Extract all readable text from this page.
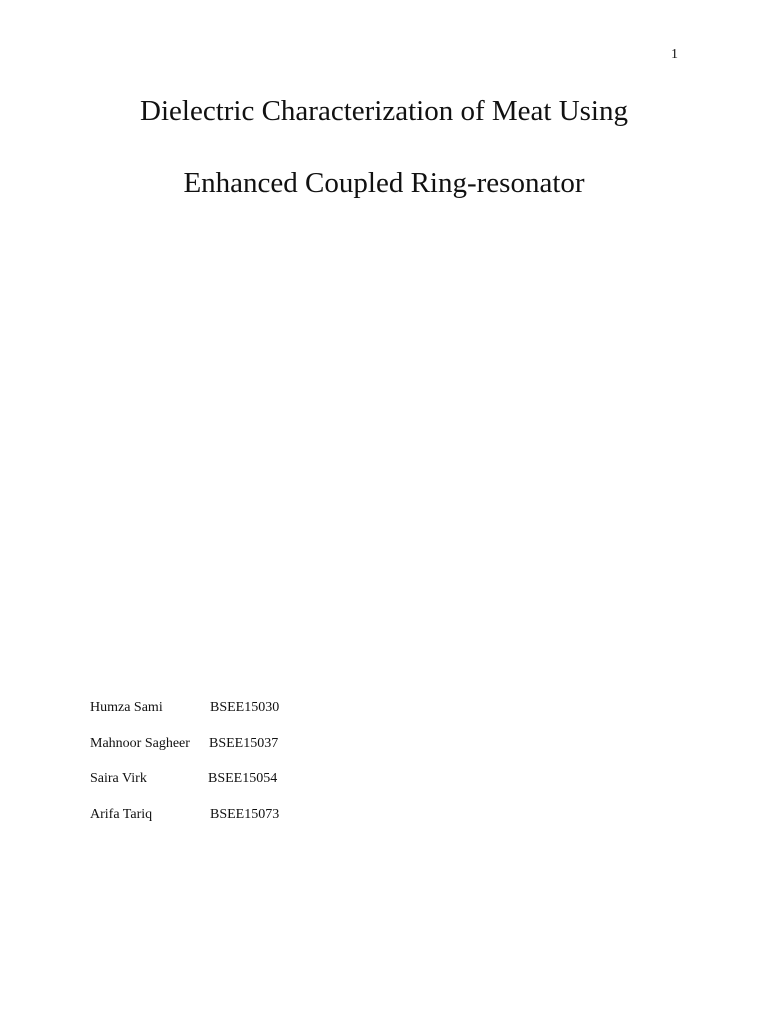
1
Dielectric Characterization of Meat Using
Enhanced Coupled Ring-resonator
Humza Sami	BSEE15030
Mahnoor Sagheer BSEE15037
Saira Virk	BSEE15054
Arifa Tariq	BSEE15073
